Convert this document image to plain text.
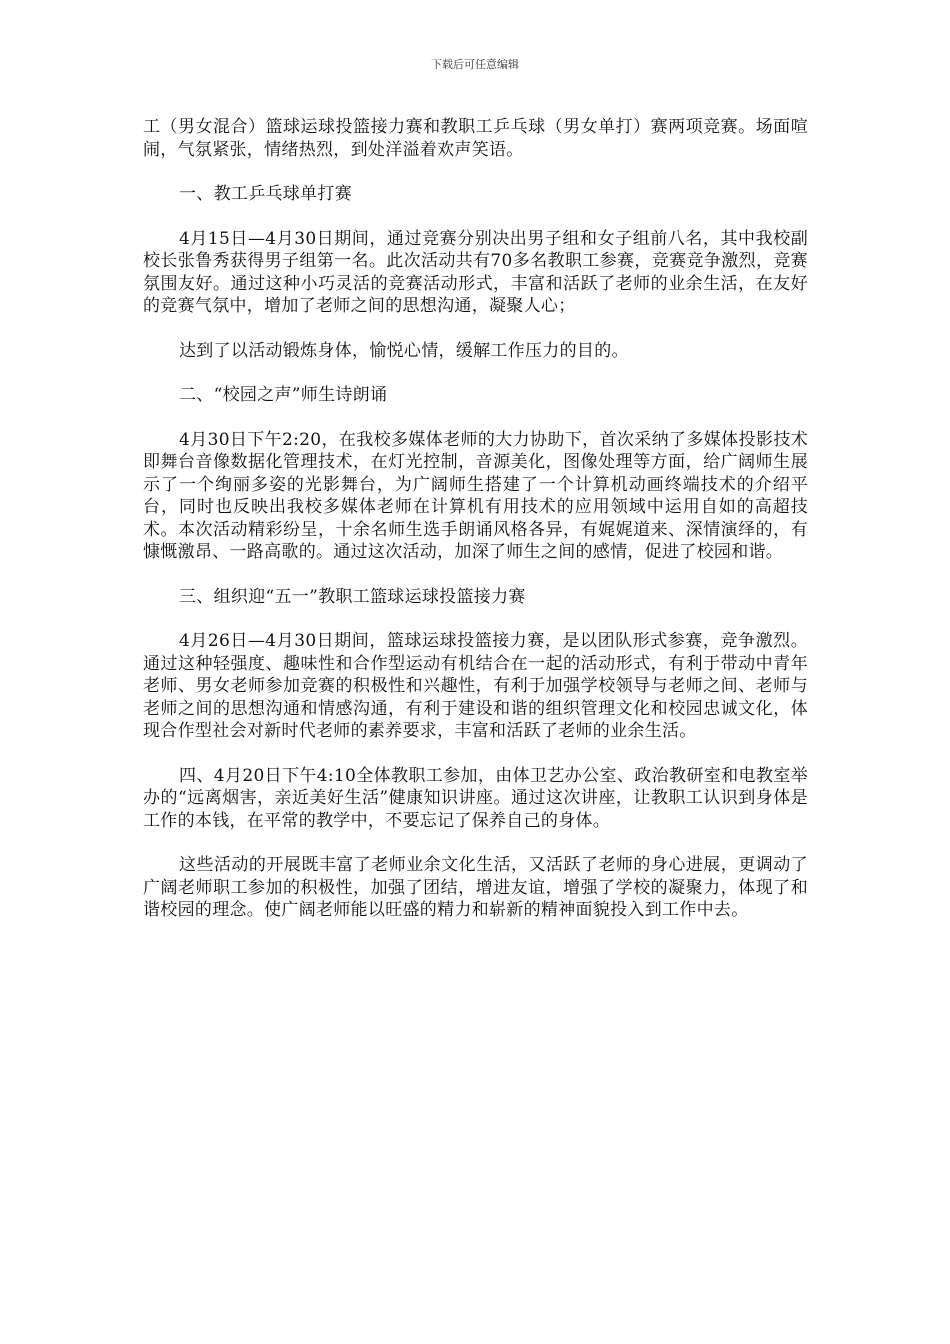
下载后可任意编辑

工（男女混合）篮球运球投篮接力赛和教职工乒乓球（男女单打）赛两项竞赛。场面喧闹，气氛紧张，情绪热烈，到处洋溢着欢声笑语。

一、教工乒乓球单打赛

4月15日—4月30日期间，通过竞赛分别决出男子组和女子组前八名，其中我校副校长张鲁秀获得男子组第一名。此次活动共有70多名教职工参赛，竞赛竞争激烈，竞赛氛围友好。通过这种小巧灵活的竞赛活动形式，丰富和活跃了老师的业余生活，在友好的竞赛气氛中，增加了老师之间的思想沟通，凝聚人心；

达到了以活动锻炼身体，愉悦心情，缓解工作压力的目的。

二、“校园之声”师生诗朗诵

4月30日下午2:20，在我校多媒体老师的大力协助下，首次采纳了多媒体投影技术即舞台音像数据化管理技术，在灯光控制，音源美化，图像处理等方面，给广阔师生展示了一个绚丽多姿的光影舞台，为广阔师生搭建了一个计算机动画终端技术的介绍平台，同时也反映出我校多媒体老师在计算机有用技术的应用领域中运用自如的高超技术。本次活动精彩纷呈，十余名师生选手朗诵风格各异，有娓娓道来、深情演绎的，有慷慨激昂、一路高歌的。通过这次活动，加深了师生之间的感情，促进了校园和谐。

三、组织迎“五一”教职工篮球运球投篮接力赛

4月26日—4月30日期间，篮球运球投篮接力赛，是以团队形式参赛，竞争激烈。通过这种轻强度、趣味性和合作型运动有机结合在一起的活动形式，有利于带动中青年老师、男女老师参加竞赛的积极性和兴趣性，有利于加强学校领导与老师之间、老师与老师之间的思想沟通和情感沟通，有利于建设和谐的组织管理文化和校园忠诚文化，体现合作型社会对新时代老师的素养要求，丰富和活跃了老师的业余生活。

四、4月20日下午4:10全体教职工参加，由体卫艺办公室、政治教研室和电教室举办的“远离烟害，亲近美好生活”健康知识讲座。通过这次讲座，让教职工认识到身体是工作的本钱，在平常的教学中，不要忘记了保养自己的身体。

这些活动的开展既丰富了老师业余文化生活，又活跃了老师的身心进展，更调动了广阔老师职工参加的积极性，加强了团结，增进友谊，增强了学校的凝聚力，体现了和谐校园的理念。使广阔老师能以旺盛的精力和崭新的精神面貌投入到工作中去。
